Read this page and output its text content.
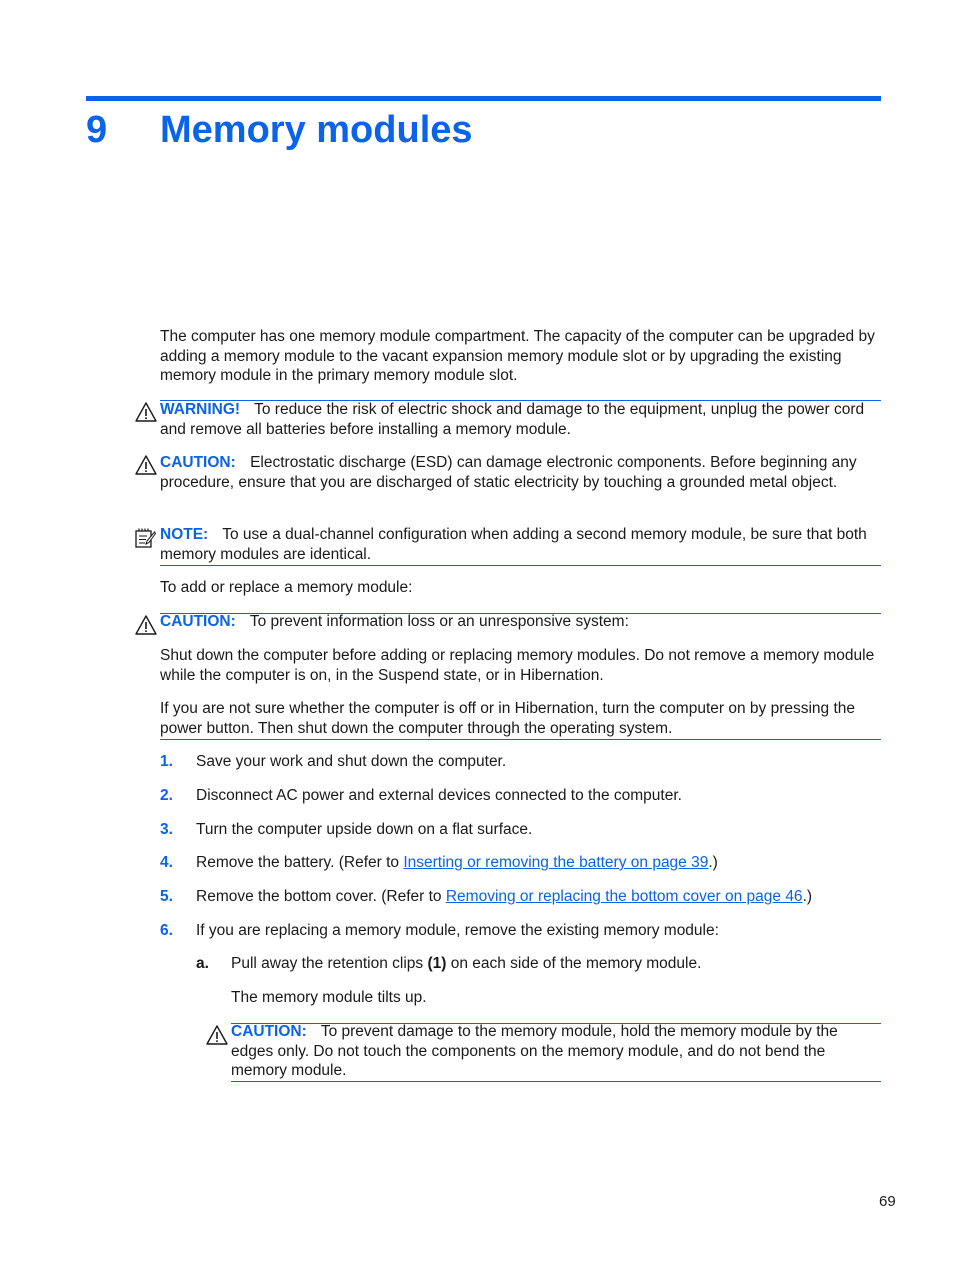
9 Memory modules
The computer has one memory module compartment. The capacity of the computer can be upgraded by adding a memory module to the vacant expansion memory module slot or by upgrading the existing memory module in the primary memory module slot.
WARNING! To reduce the risk of electric shock and damage to the equipment, unplug the power cord and remove all batteries before installing a memory module.
CAUTION: Electrostatic discharge (ESD) can damage electronic components. Before beginning any procedure, ensure that you are discharged of static electricity by touching a grounded metal object.
NOTE: To use a dual-channel configuration when adding a second memory module, be sure that both memory modules are identical.
To add or replace a memory module:
CAUTION: To prevent information loss or an unresponsive system:
Shut down the computer before adding or replacing memory modules. Do not remove a memory module while the computer is on, in the Suspend state, or in Hibernation.
If you are not sure whether the computer is off or in Hibernation, turn the computer on by pressing the power button. Then shut down the computer through the operating system.
1. Save your work and shut down the computer.
2. Disconnect AC power and external devices connected to the computer.
3. Turn the computer upside down on a flat surface.
4. Remove the battery. (Refer to Inserting or removing the battery on page 39.)
5. Remove the bottom cover. (Refer to Removing or replacing the bottom cover on page 46.)
6. If you are replacing a memory module, remove the existing memory module:
a. Pull away the retention clips (1) on each side of the memory module.
The memory module tilts up.
CAUTION: To prevent damage to the memory module, hold the memory module by the edges only. Do not touch the components on the memory module, and do not bend the memory module.
69
